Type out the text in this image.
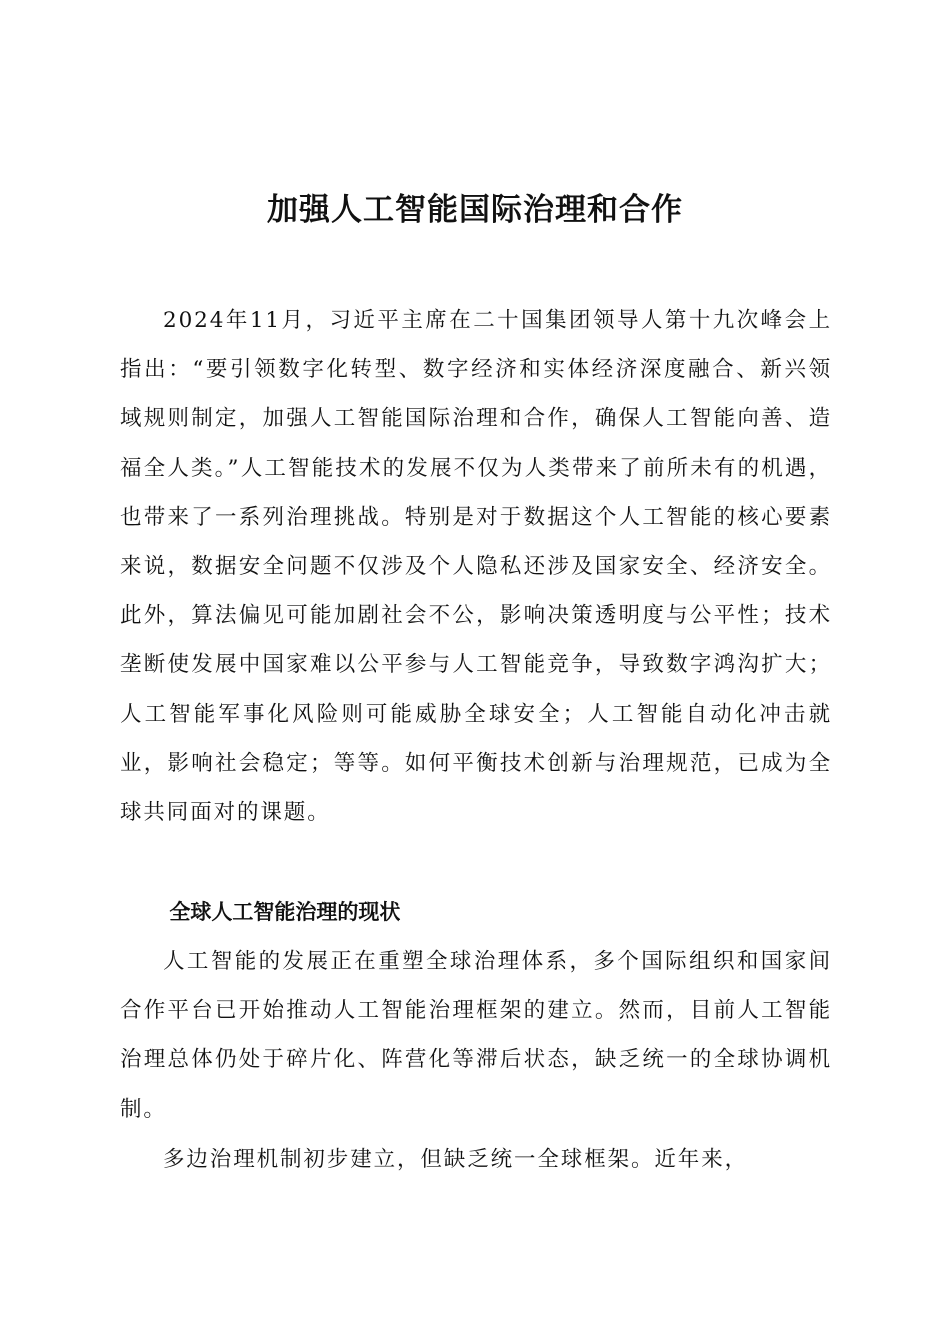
加强人工智能国际治理和合作

2024年11月，习近平主席在二十国集团领导人第十九次峰会上指出：“要引领数字化转型、数字经济和实体经济深度融合、新兴领域规则制定，加强人工智能国际治理和合作，确保人工智能向善、造福全人类。”人工智能技术的发展不仅为人类带来了前所未有的机遇，也带来了一系列治理挑战。特别是对于数据这个人工智能的核心要素来说，数据安全问题不仅涉及个人隐私还涉及国家安全、经济安全。此外，算法偏见可能加剧社会不公，影响决策透明度与公平性；技术垄断使发展中国家难以公平参与人工智能竞争，导致数字鸿沟扩大；人工智能军事化风险则可能威胁全球安全；人工智能自动化冲击就业，影响社会稳定；等等。如何平衡技术创新与治理规范，已成为全球共同面对的课题。

全球人工智能治理的现状

人工智能的发展正在重塑全球治理体系，多个国际组织和国家间合作平台已开始推动人工智能治理框架的建立。然而，目前人工智能治理总体仍处于碎片化、阵营化等滞后状态，缺乏统一的全球协调机制。

多边治理机制初步建立，但缺乏统一全球框架。近年来，
